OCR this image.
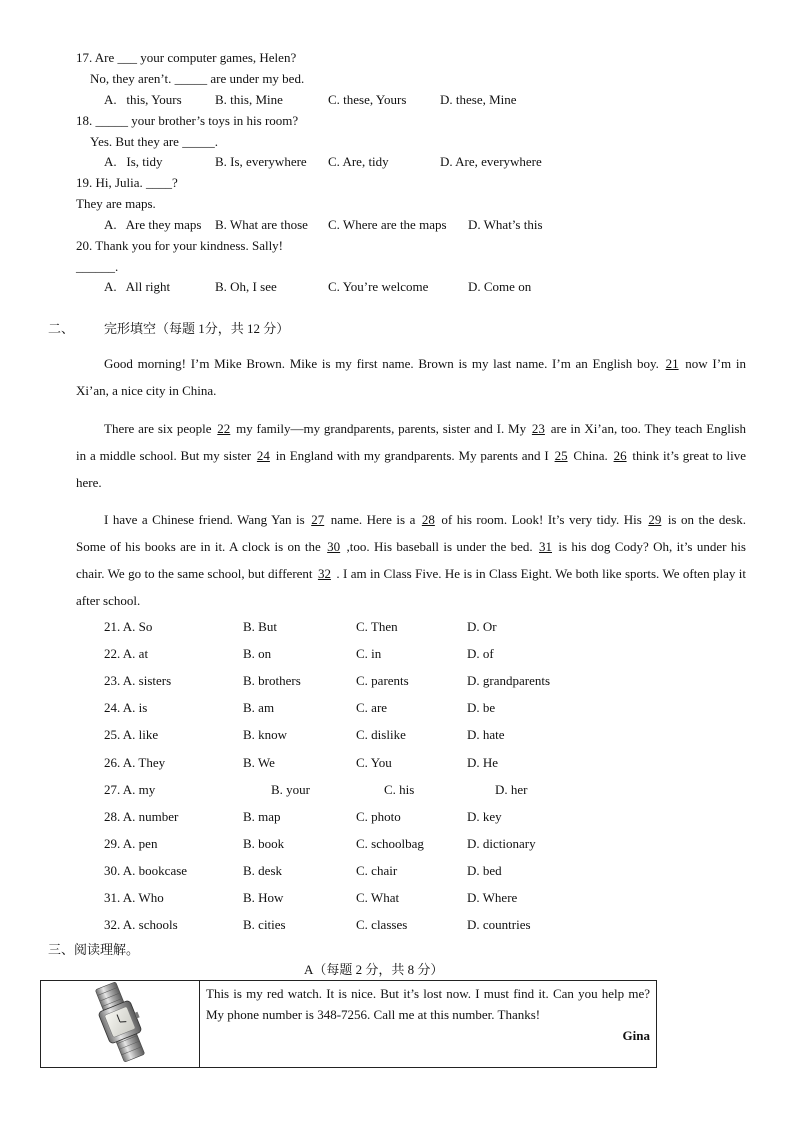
17. Are ___ your computer games, Helen?
No, they aren’t. _____ are under my bed.
A.   this, Yours	B. this, Mine	C. these, Yours	D. these, Mine
18. _____ your brother’s toys in his room?
Yes. But they are _____.
A.   Is, tidy	B. Is, everywhere C. Are, tidy	D. Are, everywhere
19. Hi, Julia. ____?
They are maps.
A.   Are they maps B. What are those C. Where are the maps D. What’s this
20. Thank you for your kindness. Sally!
______.
A.   All right	B. Oh, I see	C. You’re welcome	D. Come on
二、 完形填空（每题 1分，共 12 分）
Good morning! I’m Mike Brown. Mike is my first name. Brown is my last name. I’m an English boy. 21 now I’m in Xi’an, a nice city in China.
There are six people 22 my family—my grandparents, parents, sister and I. My 23 are in Xi’an, too. They teach English in a middle school. But my sister 24 in England with my grandparents. My parents and I 25 China. 26 think it’s great to live here.
I have a Chinese friend. Wang Yan is 27 name. Here is a 28 of his room. Look! It’s very tidy. His 29 is on the desk. Some of his books are in it. A clock is on the 30 ,too. His baseball is under the bed. 31 is his dog Cody? Oh, it’s under his chair. We go to the same school, but different 32 . I am in Class Five. He is in Class Eight. We both like sports. We often play it after school.
21. A. So	B. But	C. Then	D. Or
22. A. at	B. on	C. in	D. of
23. A. sisters	B. brothers	C. parents	D. grandparents
24. A. is	B. am	C. are	D. be
25. A. like	B. know	C. dislike	D. hate
26. A. They	B. We	C. You	D. He
27. A. my	B. your	C. his	D. her
28. A. number	B. map	C. photo	D. key
29. A. pen	B. book	C. schoolbag	D. dictionary
30. A. bookcase	B. desk	C. chair	D. bed
31. A. Who	B. How	C. What	D. Where
32. A. schools	B. cities	C. classes	D. countries
三、阅读理解。
A（每题 2 分，共 8 分）

This is my red watch. It is nice. But it’s lost now. I must find it. Can you help me? My phone number is 348-7256. Call me at this number. Thanks!
Gina
